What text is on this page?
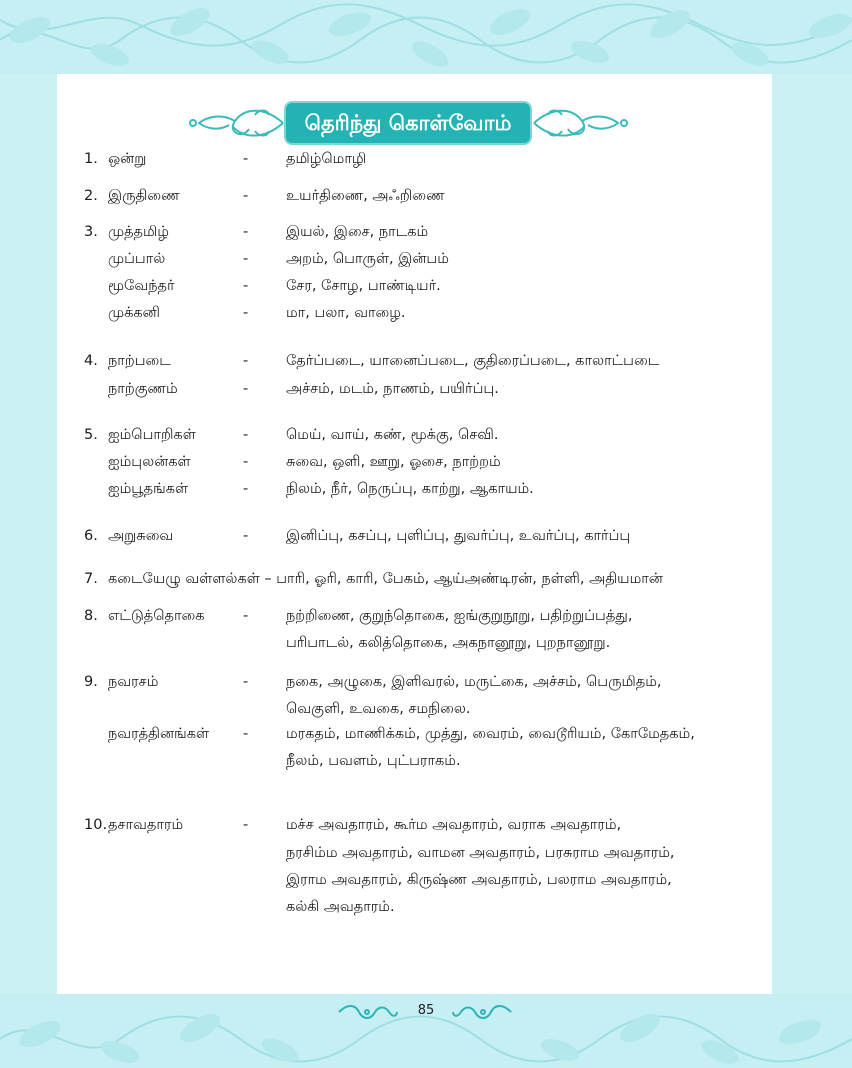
தெரிந்து கொள்வோம்
1. ஒன்று	-	தமிழ்மொழி
2. இருதிணை	-	உயர்திணை, அஃறிணை
3. முத்தமிழ்	-	இயல், இசை, நாடகம்
முப்பால்	-	அறம், பொருள், இன்பம்
மூவேந்தர்	-	சேர, சோழ, பாண்டியர்.
முக்கனி	-	மா, பலா, வாழை.
4. நாற்படை	-	தேர்ப்படை, யானைப்படை, குதிரைப்படை, காலாட்படை
நாற்குணம்	-	அச்சம், மடம், நாணம், பயிர்ப்பு.
5. ஐம்பொறிகள்	-	மெய், வாய், கண், மூக்கு, செவி.
ஐம்புலன்கள்	-	சுவை, ஒளி, ஊறு, ஓசை, நாற்றம்
ஐம்பூதங்கள்	-	நிலம், நீர், நெருப்பு, காற்று, ஆகாயம்.
6. அறுசுவை	-	இனிப்பு, கசப்பு, புளிப்பு, துவர்ப்பு, உவர்ப்பு, கார்ப்பு
7. கடையேழு வள்ளல்கள் – பாரி, ஓரி, காரி, பேகம், ஆய்அண்டிரன், நள்ளி, அதியமான்
8. எட்டுத்தொகை	-	நற்றிணை, குறுந்தொகை, ஐங்குறுநூறு, பதிற்றுப்பத்து,
பரிபாடல், கலித்தொகை, அகநானூறு, புறநானூறு.
9. நவரசம்	-	நகை, அழுகை, இளிவரல், மருட்கை, அச்சம், பெருமிதம்,
வெகுளி, உவகை, சமநிலை.
நவரத்தினங்கள் -	மரகதம், மாணிக்கம், முத்து, வைரம், வைடூரியம், கோமேதகம்,
நீலம், பவளம், புட்பராகம்.
10. தசாவதாரம்	-	மச்ச அவதாரம், கூர்ம அவதாரம், வராக அவதாரம்,
நரசிம்ம அவதாரம், வாமன அவதாரம், பரசுராம அவதாரம்,
இராம அவதாரம், கிருஷ்ண அவதாரம், பலராம அவதாரம்,
கல்கி அவதாரம்.
85
